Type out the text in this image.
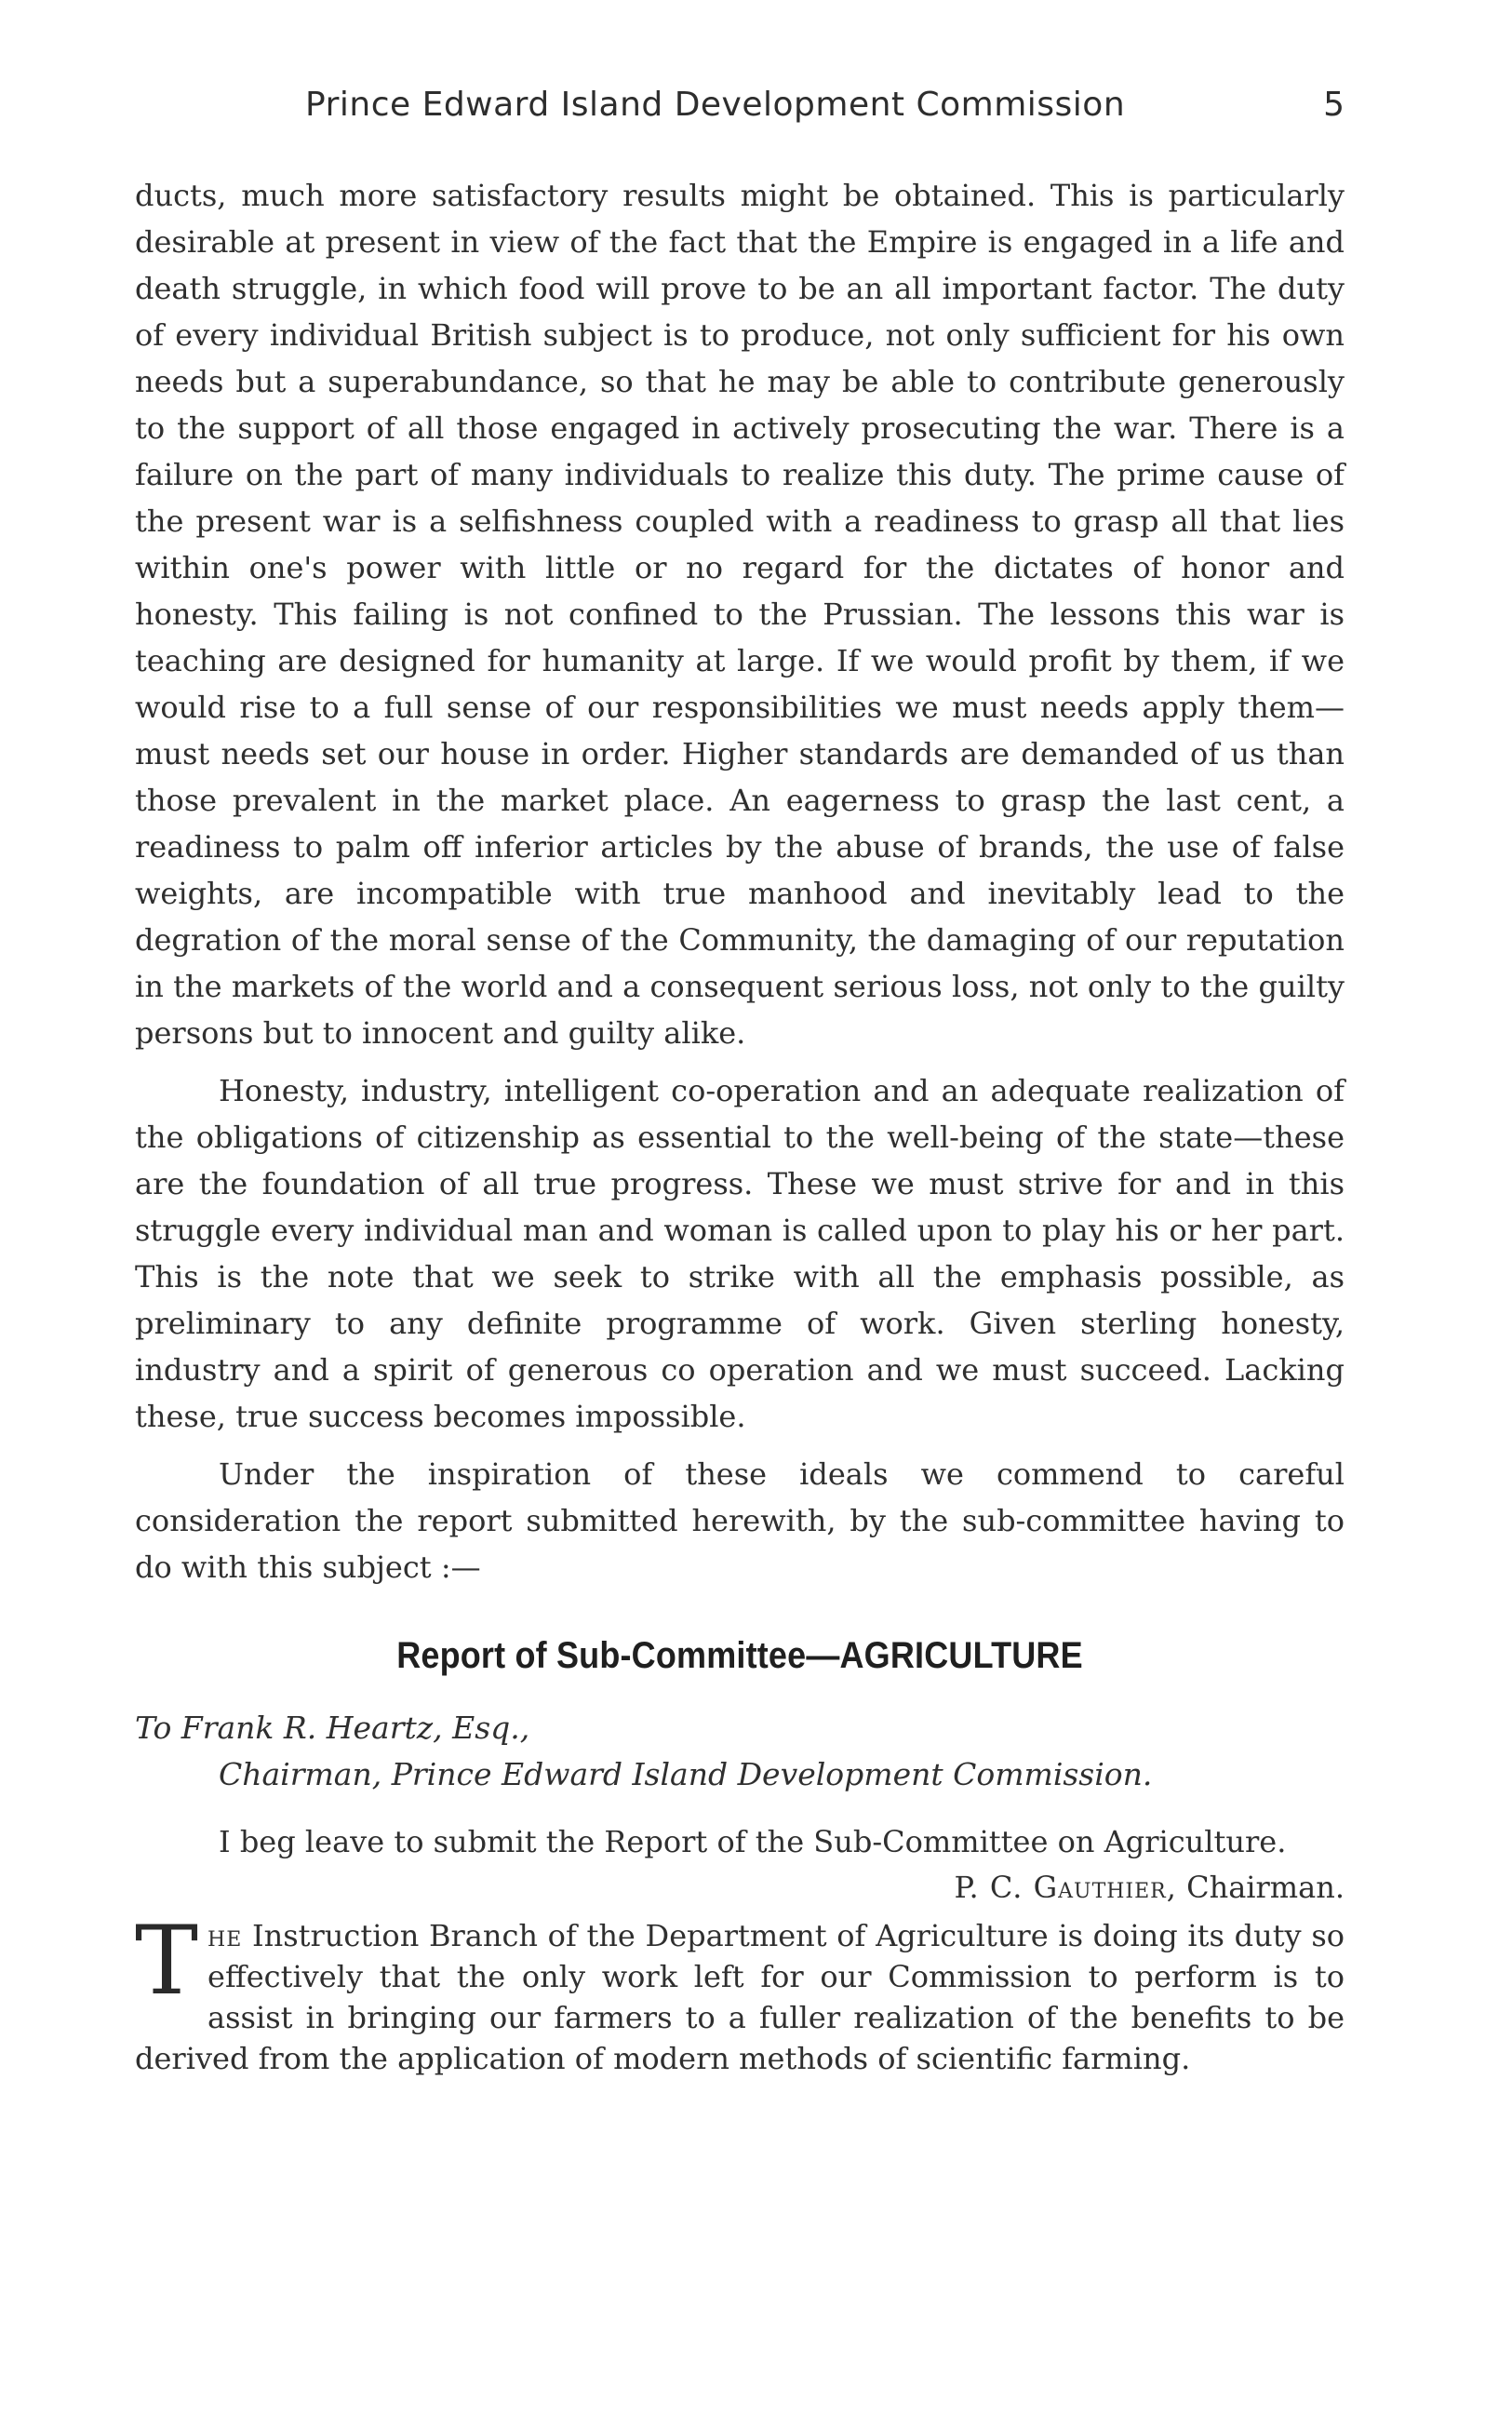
Prince Edward Island Development Commission	5

ducts, much more satisfactory results might be obtained. This is particularly desirable at present in view of the fact that the Empire is engaged in a life and death struggle, in which food will prove to be an all important factor. The duty of every individual British subject is to produce, not only sufficient for his own needs but a superabundance, so that he may be able to contribute generously to the support of all those engaged in actively prosecuting the war. There is a failure on the part of many individuals to realize this duty. The prime cause of the present war is a selfishness coupled with a readiness to grasp all that lies within one's power with little or no regard for the dictates of honor and honesty. This failing is not confined to the Prussian. The lessons this war is teaching are designed for humanity at large. If we would profit by them, if we would rise to a full sense of our responsibilities we must needs apply them—must needs set our house in order. Higher standards are demanded of us than those prevalent in the market place. An eagerness to grasp the last cent, a readiness to palm off inferior articles by the abuse of brands, the use of false weights, are incompatible with true manhood and inevitably lead to the degration of the moral sense of the Community, the damaging of our reputation in the markets of the world and a consequent serious loss, not only to the guilty persons but to innocent and guilty alike.

Honesty, industry, intelligent co-operation and an adequate realization of the obligations of citizenship as essential to the well-being of the state—these are the foundation of all true progress. These we must strive for and in this struggle every individual man and woman is called upon to play his or her part. This is the note that we seek to strike with all the emphasis possible, as preliminary to any definite programme of work. Given sterling honesty, industry and a spirit of generous co operation and we must succeed. Lacking these, true success becomes impossible.

Under the inspiration of these ideals we commend to careful consideration the report submitted herewith, by the sub-committee having to do with this subject :—

Report of Sub-Committee—AGRICULTURE

To Frank R. Heartz, Esq.,

Chairman, Prince Edward Island Development Commission.

I beg leave to submit the Report of the Sub-Committee on Agriculture.

P. C. Gauthier, Chairman.

The Instruction Branch of the Department of Agriculture is doing its duty so effectively that the only work left for our Commission to perform is to assist in bringing our farmers to a fuller realization of the benefits to be derived from the application of modern methods of scientific farming.
